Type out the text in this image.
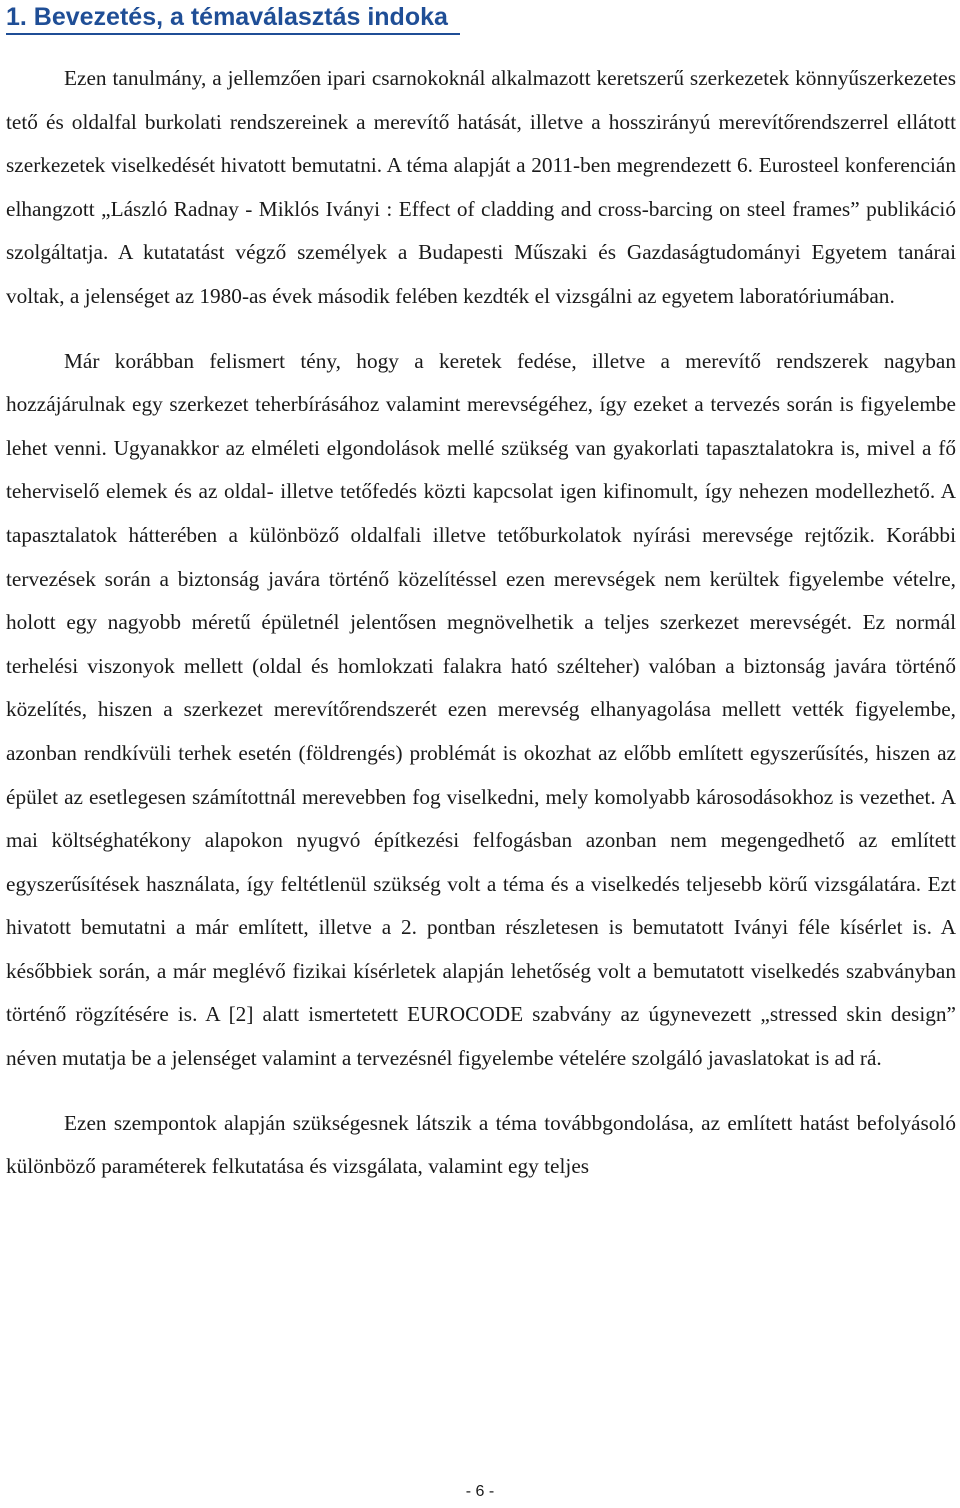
1. Bevezetés, a témaválasztás indoka

Ezen tanulmány, a jellemzően ipari csarnokoknál alkalmazott keretszerű szerkezetek könnyűszerkezetes tető és oldalfal burkolati rendszereinek a merevítő hatását, illetve a hosszirányú merevítőrendszerrel ellátott szerkezetek viselkedését hivatott bemutatni. A téma alapját a 2011-ben megrendezett 6. Eurosteel konferencián elhangzott „László Radnay - Miklós Iványi : Effect of cladding and cross-barcing on steel frames” publikáció szolgáltatja. A kutatatást végző személyek a Budapesti Műszaki és Gazdaságtudományi Egyetem tanárai voltak, a jelenséget az 1980-as évek második felében kezdték el vizsgálni az egyetem laboratóriumában.

Már korábban felismert tény, hogy a keretek fedése, illetve a merevítő rendszerek nagyban hozzájárulnak egy szerkezet teherbírásához valamint merevségéhez, így ezeket a tervezés során is figyelembe lehet venni. Ugyanakkor az elméleti elgondolások mellé szükség van gyakorlati tapasztalatokra is, mivel a fő teherviselő elemek és az oldal- illetve tetőfedés közti kapcsolat igen kifinomult, így nehezen modellezhető. A tapasztalatok hátterében a különböző oldalfali illetve tetőburkolatok nyírási merevsége rejtőzik. Korábbi tervezések során a biztonság javára történő közelítéssel ezen merevségek nem kerültek figyelembe vételre, holott egy nagyobb méretű épületnél jelentősen megnövelhetik a teljes szerkezet merevségét. Ez normál terhelési viszonyok mellett (oldal és homlokzati falakra ható szélteher) valóban a biztonság javára történő közelítés, hiszen a szerkezet merevítőrendszerét ezen merevség elhanyagolása mellett vették figyelembe, azonban rendkívüli terhek esetén (földrengés) problémát is okozhat az előbb említett egyszerűsítés, hiszen az épület az esetlegesen számítottnál merevebben fog viselkedni, mely komolyabb károsodásokhoz is vezethet. A mai költséghatékony alapokon nyugvó építkezési felfogásban azonban nem megengedhető az említett egyszerűsítések használata, így feltétlenül szükség volt a téma és a viselkedés teljesebb körű vizsgálatára. Ezt hivatott bemutatni a már említett, illetve a 2. pontban részletesen is bemutatott Iványi féle kísérlet is. A későbbiek során, a már meglévő fizikai kísérletek alapján lehetőség volt a bemutatott viselkedés szabványban történő rögzítésére is. A [2] alatt ismertetett EUROCODE szabvány az úgynevezett „stressed skin design” néven mutatja be a jelenséget valamint a tervezésnél figyelembe vételére szolgáló javaslatokat is ad rá.

Ezen szempontok alapján szükségesnek látszik a téma továbbgondolása, az említett hatást befolyásoló különböző paraméterek felkutatása és vizsgálata, valamint egy teljes

- 6 -
